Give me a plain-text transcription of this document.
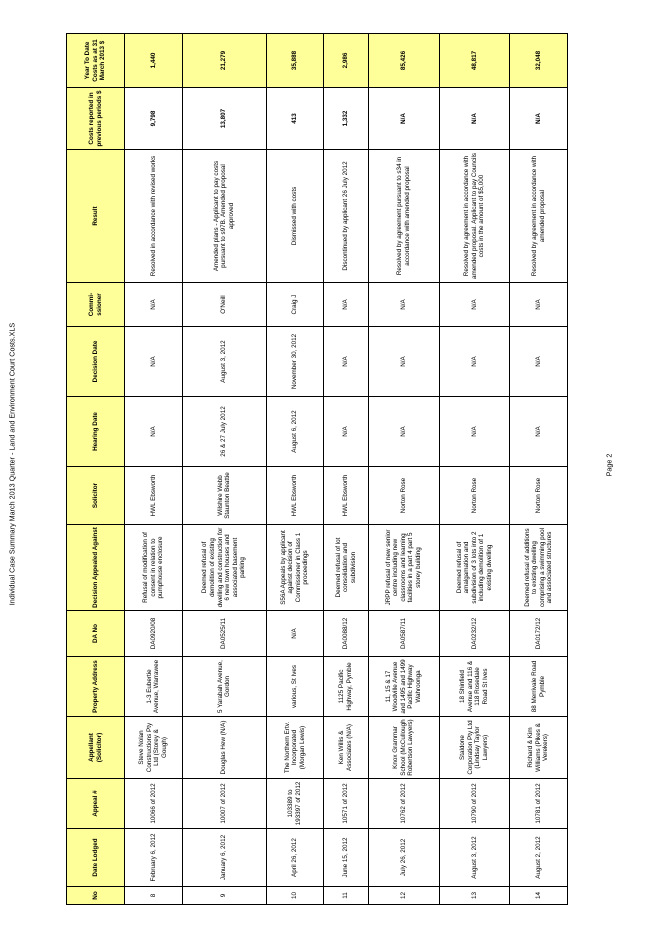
Individual Case Summary March 2013 Quarter - Land and Environment Court Costs.XLS
No	Date Lodged	Appeal #	Appellant (Solicitor)	Property Address	DA No	Decision Appealed Against	Solicitor	Hearing Date	Decision Date	Commi-ssioner	Result	Costs reported in previous periods $	Year To Date Costs as at 31 March 2013 $
8	February 6, 2012	10066 of 2012	Steve Nolan Constructions Pty Ltd (Storey & Gough)	1-3 Eubertie Avenue, Warrawee	DA0920/08	Refusal of modification of consent in relation to pumphouse enclosure	HWL Ebsworth	N/A	N/A	N/A	Resolved in accordance with revised works	9,798	1,440
9	January 6, 2012	10007 of 2012	Douglas Hew (N/A)	5 Yarabah Avenue, Gordon	DA0525/11	Deemed refusal of demolition of existing dwelling and construction for 6 new town houses and associated basement parking	Wilshire Webb Staunton Beattie	26 & 27 July 2012	August 3, 2012	O'Neill	Amended plans - Applicant to pay costs pursuant to s97B. Amended proposal approved	13,807	21,279
10	April 26, 2012	103389 to 193397 of 2012	The Northern Ertv. Incorporated (Morgan Lewis)	various, St Ives	N/A	S56A Appeals by applicant against decision of Commissioner in Class 1 proceedings	HWL Ebsworth	August 6, 2012	November 30, 2012	Craig J	Dismissed with costs	413	35,888
11	June 15, 2012	10571 of 2012	Ken Willis & Associates (N/A)	1125 Pacific Highway, Pymble	DA0088/12	Deemed refusal of lot consolidation and subdivision	HWL Ebsworth	N/A	N/A	N/A	Discontinued by applicant 26 July 2012	1,332	2,986
12	July 26, 2012	10762 of 2012	Knox Grammar School (McCullough Robertson Lawyers)	11, 15 & 17 Woodville Avenue and 1495 and 1499 Pacific Highway Wahroonga	DA0587/11	JRPP refusal of new senior centre including new classrooms and learning facilities in a part 4 part 5 storey building	Norton Rose	N/A	N/A	N/A	Resolved by agreement pursuant to s34 in accordance with amended proposal	N/A	85,426
13	August 3, 2012	10790 of 2012	Staldone Corporation Pty Ltd (Lindsay Taylor Lawyers)	18 Shinfield Avenue and 116 & 118 Rosedale Road St Ives	DA0232/12	Deemed refusal of amalgamation and subdivision of 3 lots into 2 including demolition of 1 existing dwelling	Norton Rose	N/A	N/A	N/A	Resolved by agreement in accordance with amended proposal. Applicant to pay Councils costs in the amount of $5,000	N/A	48,817
14	August 2, 2012	10781 of 2012	Richard & Kim Williams (Pikes & Verekers)	88 Merrivale Road Pymble	DA0172/12	Deemed refusal of additions to existing dwelling comprising a swimming pool and associated structures	Norton Rose	N/A	N/A	N/A	Resolved by agreement in accordance with amended proposal	N/A	32,048
Page 2
